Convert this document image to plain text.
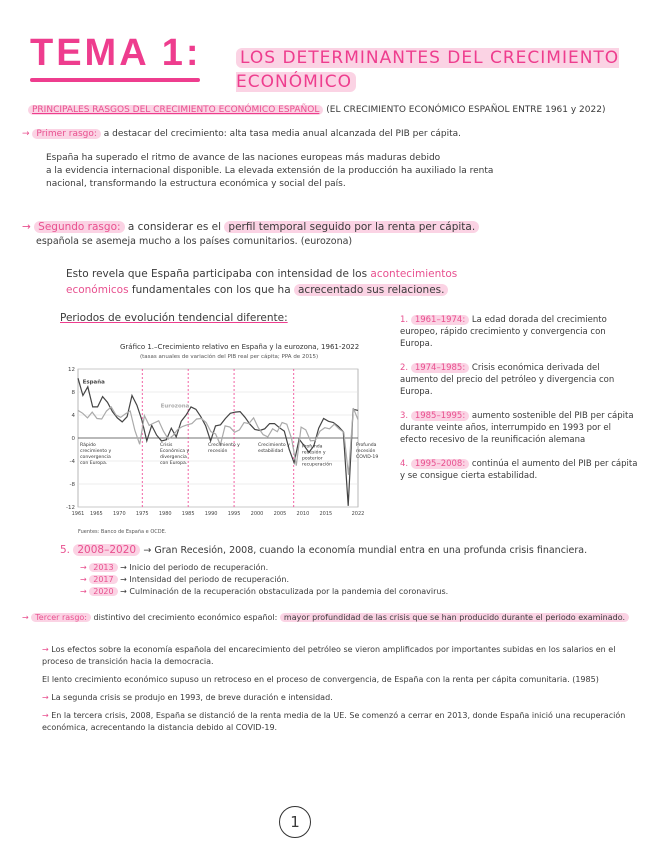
TEMA 1: LOS DETERMINANTES DEL CRECIMIENTO ECONÓMICO
PRINCIPALES RASGOS DEL CRECIMIENTO ECONÓMICO ESPAÑOL (EL CRECIMIENTO ECONÓMICO ESPAÑOL ENTRE 1961 y 2022)
→ Primer rasgo: a destacar del crecimiento: alta tasa media anual alcanzada del PIB per cápita.
España ha superado el ritmo de avance de las naciones europeas más maduras debido
a la evidencia internacional disponible. La elevada extensión de la producción ha auxiliado la renta
nacional, transformando la estructura económica y social del país.
→ Segundo rasgo: a considerar es el perfil temporal seguido por la renta per cápita.
española se asemeja mucho a los países comunitarios. (eurozona)
Esto revela que España participaba con intensidad de los acontecimientos
económicos fundamentales con los que ha acrecentado sus relaciones.
Periodos de evolución tendencial diferente:
Gráfico 1.–Crecimiento relativo en España y la eurozona, 1961-2022
(tasas anuales de variación del PIB real per cápita; PPA de 2015)
12
8
4
0
-4
-8
-12
1961 1965 1970 1975 1980 1985 1990 1995 2000 2005 2010 2015	2022
España
Eurozona
Rápido crecimiento y convergencia con Europa.
Crisis Económica y divergencia con Europa.
Crecimiento y recesión
Crecimiento y estabilidad
Profunda recesión y posterior recuperación
Profunda recesión COVID-19
Fuentes: Banco de España e OCDE.
1. 1961–1974: La edad dorada del crecimiento europeo, rápido crecimiento y convergencia con Europa.
2. 1974–1985: Crisis económica derivada del aumento del precio del petróleo y divergencia con Europa.
3. 1985–1995: aumento sostenible del PIB per cápita durante veinte años, interrumpido en 1993 por el efecto recesivo de la reunificación alemana
4. 1995–2008: continúa el aumento del PIB per cápita y se consigue cierta estabilidad.
5. 2008–2020 → Gran Recesión, 2008, cuando la economía mundial entra en una profunda crisis financiera.
→ 2013 → Inicio del periodo de recuperación.
→ 2017 → Intensidad del periodo de recuperación.
→ 2020 → Culminación de la recuperación obstaculizada por la pandemia del coronavirus.
→ Tercer rasgo: distintivo del crecimiento económico español: mayor profundidad de las crisis que se han producido durante el periodo examinado.
→ Los efectos sobre la economía española del encarecimiento del petróleo se vieron amplificados por importantes subidas en los salarios en el proceso de transición hacia la democracia.
El lento crecimiento económico supuso un retroceso en el proceso de convergencia, de España con la renta per cápita comunitaria. (1985)
→ La segunda crisis se produjo en 1993, de breve duración e intensidad.
→ En la tercera crisis, 2008, España se distanció de la renta media de la UE. Se comenzó a cerrar en 2013, donde España inició una recuperación económica, acrecentando la distancia debido al COVID-19.
1
